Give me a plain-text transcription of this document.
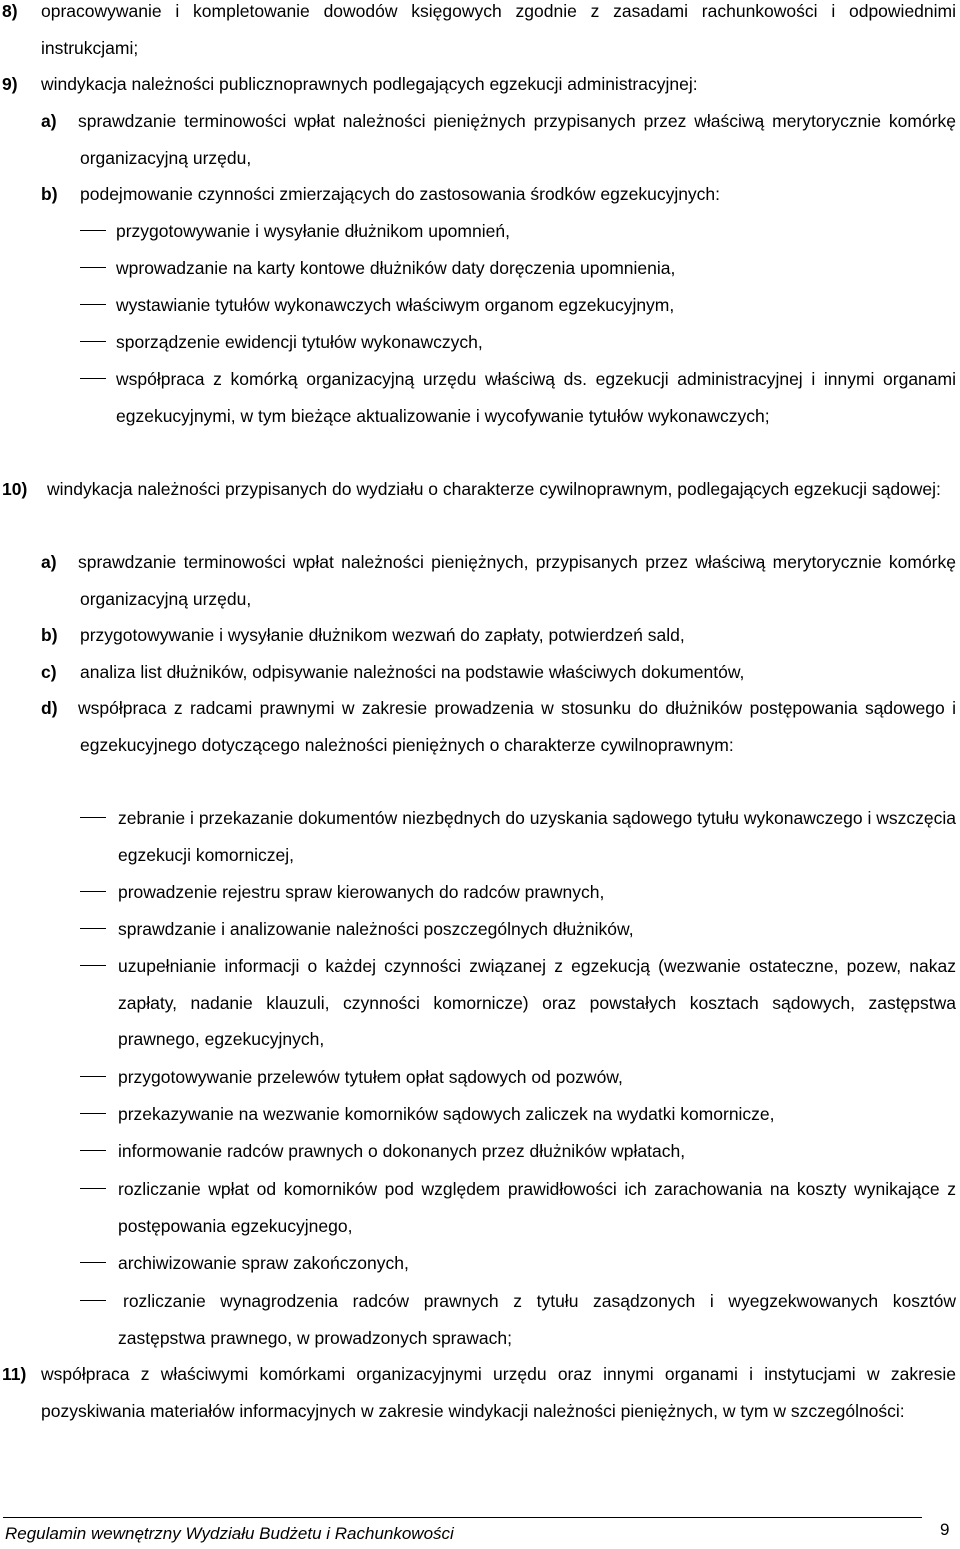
8) opracowywanie i kompletowanie dowodów księgowych zgodnie z zasadami rachunkowości i odpowiednimi instrukcjami;
9) windykacja należności publicznoprawnych podlegających egzekucji administracyjnej:
a) sprawdzanie terminowości wpłat należności pieniężnych przypisanych przez właściwą merytorycznie komórkę organizacyjną urzędu,
b) podejmowanie czynności zmierzających do zastosowania środków egzekucyjnych:
przygotowywanie i wysyłanie dłużnikom upomnień,
wprowadzanie na karty kontowe dłużników daty doręczenia upomnienia,
wystawianie tytułów wykonawczych właściwym organom egzekucyjnym,
sporządzenie ewidencji tytułów wykonawczych,
współpraca z komórką organizacyjną urzędu właściwą ds. egzekucji administracyjnej i innymi organami egzekucyjnymi, w tym bieżące aktualizowanie i wycofywanie tytułów wykonawczych;
10)	windykacja należności przypisanych do wydziału o charakterze cywilnoprawnym, podlegających egzekucji sądowej:
a) sprawdzanie terminowości wpłat należności pieniężnych, przypisanych przez właściwą merytorycznie komórkę organizacyjną urzędu,
b) przygotowywanie i wysyłanie dłużnikom wezwań do zapłaty, potwierdzeń sald,
c) analiza list dłużników, odpisywanie należności na podstawie właściwych dokumentów,
d) współpraca z radcami prawnymi w zakresie prowadzenia w stosunku do dłużników postępowania sądowego i egzekucyjnego dotyczącego należności pieniężnych o charakterze cywilnoprawnym:
zebranie i przekazanie dokumentów niezbędnych do uzyskania sądowego tytułu wykonawczego i wszczęcia egzekucji komorniczej,
prowadzenie rejestru spraw kierowanych do radców prawnych,
sprawdzanie i analizowanie należności poszczególnych dłużników,
uzupełnianie informacji o każdej czynności związanej z egzekucją (wezwanie ostateczne, pozew, nakaz zapłaty, nadanie klauzuli, czynności komornicze) oraz powstałych kosztach sądowych, zastępstwa prawnego, egzekucyjnych,
przygotowywanie przelewów tytułem opłat sądowych od pozwów,
przekazywanie na wezwanie komorników sądowych zaliczek na wydatki komornicze,
informowanie radców prawnych o dokonanych przez dłużników wpłatach,
rozliczanie wpłat od komorników pod względem prawidłowości ich zarachowania na koszty wynikające z postępowania egzekucyjnego,
archiwizowanie spraw zakończonych,
rozliczanie wynagrodzenia radców prawnych z tytułu zasądzonych i wyegzekwowanych kosztów zastępstwa prawnego, w prowadzonych sprawach;
11) współpraca z właściwymi komórkami organizacyjnymi urzędu oraz innymi organami i instytucjami w zakresie pozyskiwania materiałów informacyjnych w zakresie windykacji należności pieniężnych, w tym w szczególności:
Regulamin wewnętrzny Wydziału Budżetu i Rachunkowości	9
